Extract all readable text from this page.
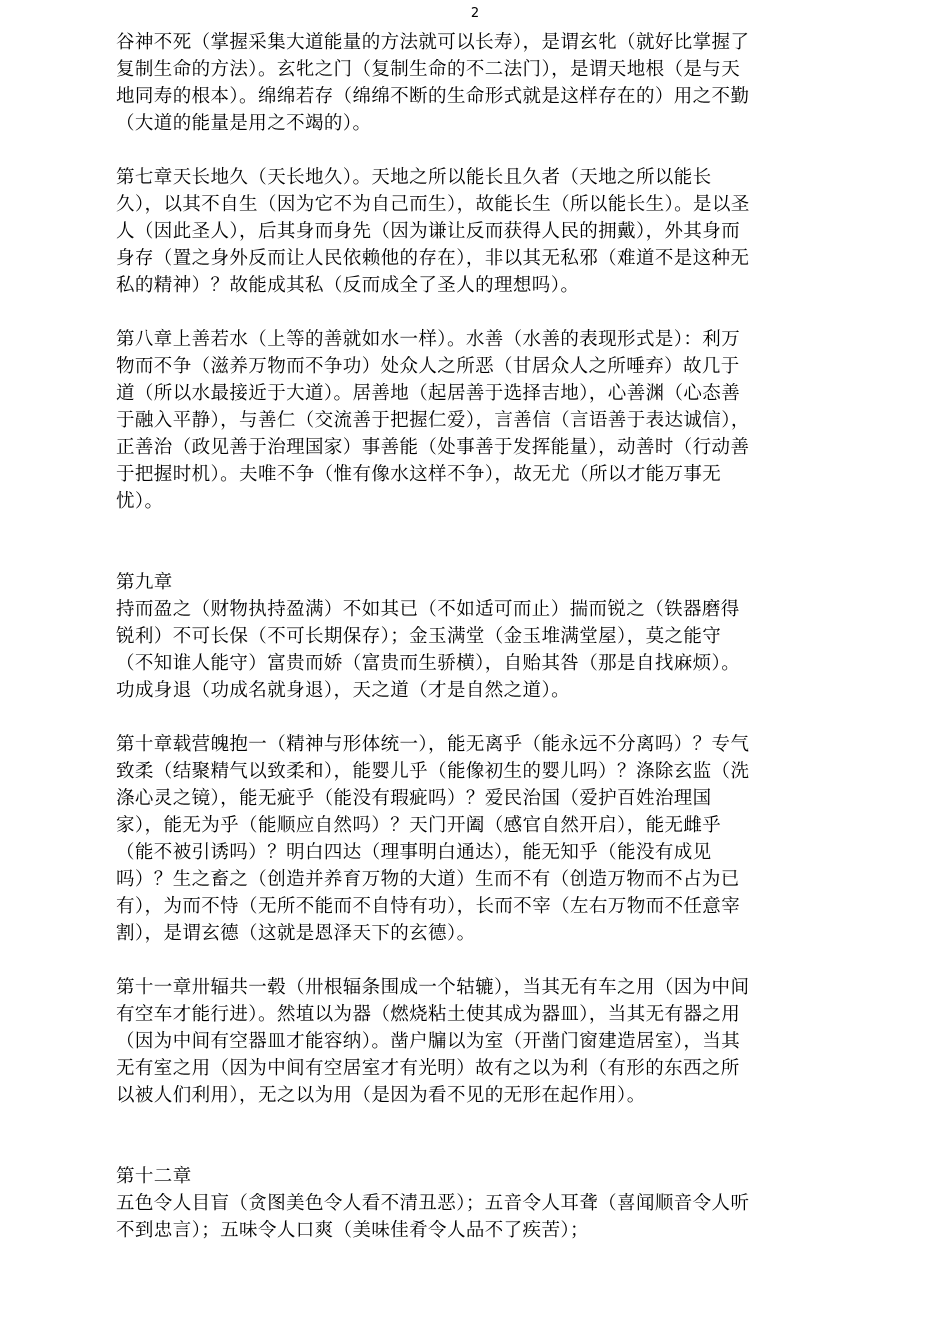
2

谷神不死（掌握采集大道能量的方法就可以长寿），是谓玄牝（就好比掌握了复制生命的方法）。玄牝之门（复制生命的不二法门），是谓天地根（是与天地同寿的根本）。绵绵若存（绵绵不断的生命形式就是这样存在的）用之不勤（大道的能量是用之不竭的）。

第七章天长地久（天长地久）。天地之所以能长且久者（天地之所以能长久），以其不自生（因为它不为自己而生），故能长生（所以能长生）。是以圣人（因此圣人），后其身而身先（因为谦让反而获得人民的拥戴），外其身而身存（置之身外反而让人民依赖他的存在），非以其无私邪（难道不是这种无私的精神）？故能成其私（反而成全了圣人的理想吗）。

第八章上善若水（上等的善就如水一样）。水善（水善的表现形式是）：利万物而不争（滋养万物而不争功）处众人之所恶（甘居众人之所唾弃）故几于道（所以水最接近于大道）。居善地（起居善于选择吉地），心善渊（心态善于融入平静），与善仁（交流善于把握仁爱），言善信（言语善于表达诚信），正善治（政见善于治理国家）事善能（处事善于发挥能量），动善时（行动善于把握时机）。夫唯不争（惟有像水这样不争），故无尤（所以才能万事无忧）。

第九章
持而盈之（财物执持盈满）不如其已（不如适可而止）揣而锐之（铁器磨得锐利）不可长保（不可长期保存）；金玉满堂（金玉堆满堂屋），莫之能守（不知谁人能守）富贵而娇（富贵而生骄横），自贻其咎（那是自找麻烦）。功成身退（功成名就身退），天之道（才是自然之道）。

第十章载营魄抱一（精神与形体统一），能无离乎（能永远不分离吗）？专气致柔（结聚精气以致柔和），能婴儿乎（能像初生的婴儿吗）？涤除玄监（洗涤心灵之镜），能无疵乎（能没有瑕疵吗）？爱民治国（爱护百姓治理国家），能无为乎（能顺应自然吗）？天门开阖（感官自然开启），能无雌乎（能不被引诱吗）？明白四达（理事明白通达），能无知乎（能没有成见吗）？生之畜之（创造并养育万物的大道）生而不有（创造万物而不占为已有），为而不恃（无所不能而不自恃有功），长而不宰（左右万物而不任意宰割），是谓玄德（这就是恩泽天下的玄德）。

第十一章卅辐共一毂（卅根辐条围成一个轱辘），当其无有车之用（因为中间有空车才能行进）。然埴以为器（燃烧粘土使其成为器皿），当其无有器之用（因为中间有空器皿才能容纳）。凿户牖以为室（开凿门窗建造居室），当其无有室之用（因为中间有空居室才有光明）故有之以为利（有形的东西之所以被人们利用），无之以为用（是因为看不见的无形在起作用）。

第十二章
五色令人目盲（贪图美色令人看不清丑恶）；五音令人耳聋（喜闻顺音令人听不到忠言）；五味令人口爽（美味佳肴令人品不了疾苦）；
